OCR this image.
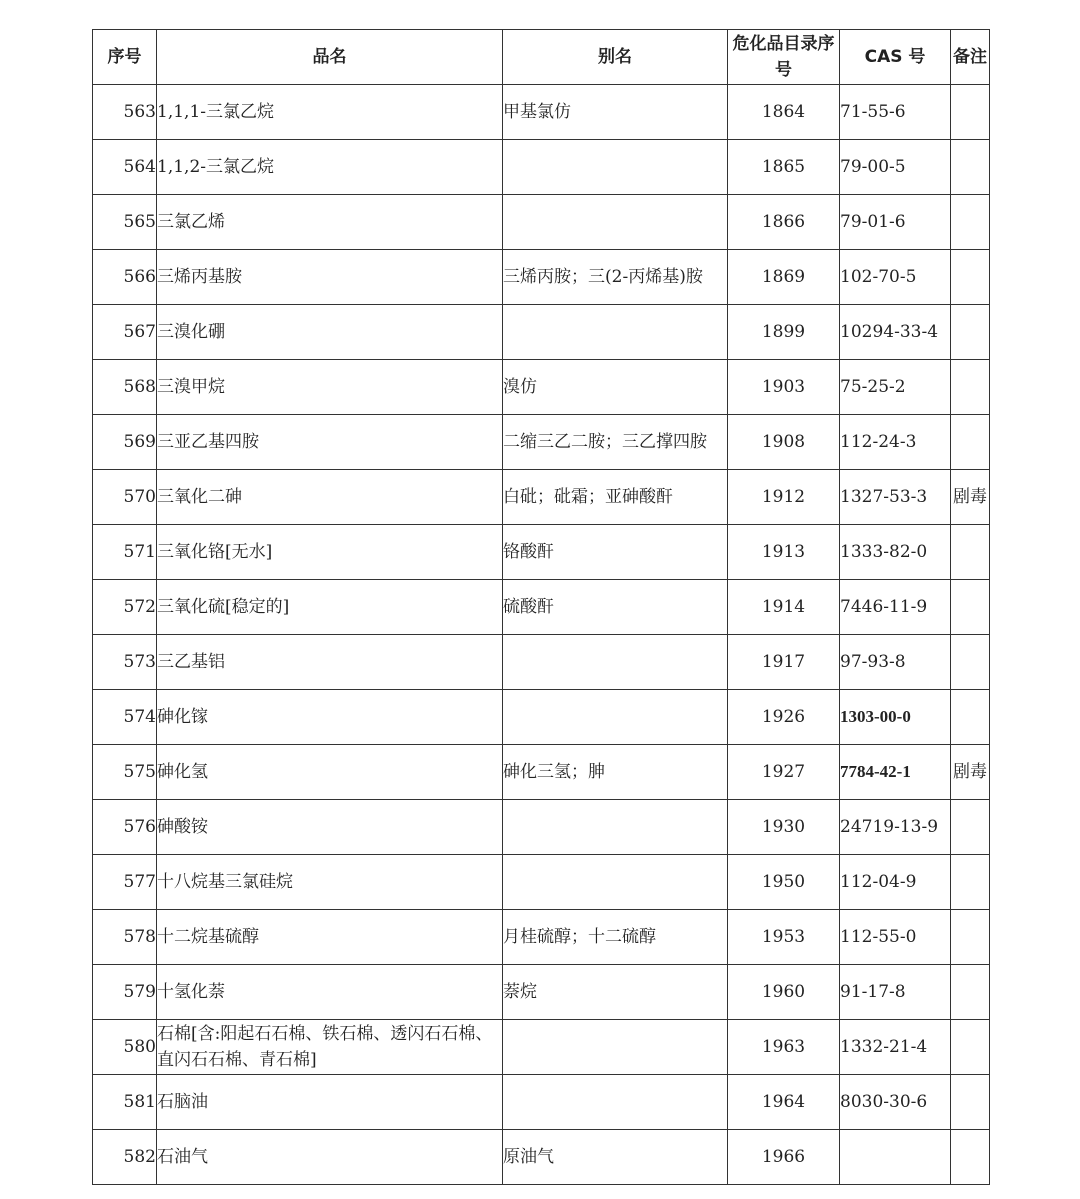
序号	品名	别名	危化品目录序号	CAS 号	备注
563	1,1,1-三氯乙烷	甲基氯仿	1864	71-55-6	
564	1,1,2-三氯乙烷		1865	79-00-5	
565	三氯乙烯		1866	79-01-6	
566	三烯丙基胺	三烯丙胺；三(2-丙烯基)胺	1869	102-70-5	
567	三溴化硼		1899	10294-33-4	
568	三溴甲烷	溴仿	1903	75-25-2	
569	三亚乙基四胺	二缩三乙二胺；三乙撑四胺	1908	112-24-3	
570	三氧化二砷	白砒；砒霜；亚砷酸酐	1912	1327-53-3	剧毒
571	三氧化铬[无水]	铬酸酐	1913	1333-82-0	
572	三氧化硫[稳定的]	硫酸酐	1914	7446-11-9	
573	三乙基铝		1917	97-93-8	
574	砷化镓		1926	1303-00-0	
575	砷化氢	砷化三氢；胂	1927	7784-42-1	剧毒
576	砷酸铵		1930	24719-13-9	
577	十八烷基三氯硅烷		1950	112-04-9	
578	十二烷基硫醇	月桂硫醇；十二硫醇	1953	112-55-0	
579	十氢化萘	萘烷	1960	91-17-8	
580	石棉[含:阳起石石棉、铁石棉、透闪石石棉、直闪石石棉、青石棉]		1963	1332-21-4	
581	石脑油		1964	8030-30-6	
582	石油气	原油气	1966		
